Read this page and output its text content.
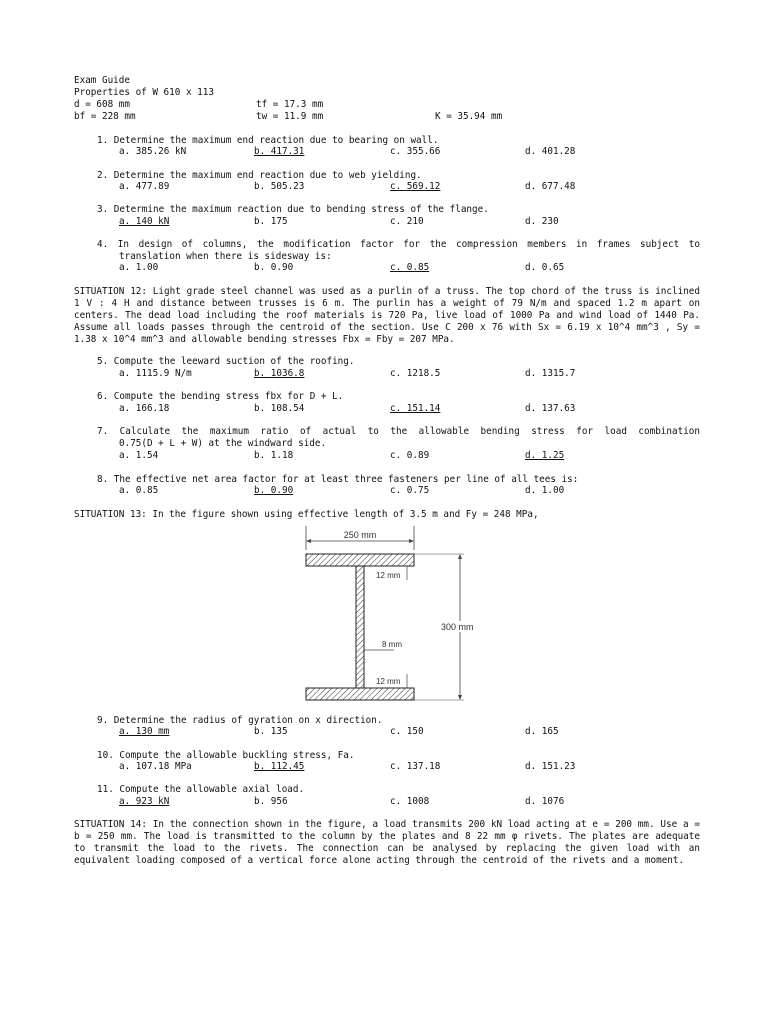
Exam Guide
Properties of W 610 x 113
d = 608 mm	tf = 17.3 mm
bf = 228 mm	tw = 11.9 mm	K = 35.94 mm
1. Determine the maximum end reaction due to bearing on wall.
a. 385.26 kN	b. 417.31	c. 355.66	d. 401.28
2. Determine the maximum end reaction due to web yielding.
a. 477.89	b. 505.23	c. 569.12	d. 677.48
3. Determine the maximum reaction due to bending stress of the flange.
a. 140 kN	b. 175	c. 210	d. 230
4. In design of columns, the modification factor for the compression members in frames subject to
translation when there is sidesway is:
a. 1.00	b. 0.90	c. 0.85	d. 0.65
SITUATION 12: Light grade steel channel was used as a purlin of a truss. The top chord of the truss is inclined 1 V : 4 H and distance between trusses is 6 m. The purlin has a weight of 79 N/m and spaced 1.2 m apart on centers. The dead load including the roof materials is 720 Pa, live load of 1000 Pa and wind load of 1440 Pa. Assume all loads passes through the centroid of the section. Use C 200 x 76 with Sx = 6.19 x 10^4 mm^3 , Sy = 1.38 x 10^4 mm^3 and allowable bending stresses Fbx = Fby = 207 MPa.
5. Compute the leeward suction of the roofing.
a. 1115.9 N/m	b. 1036.8	c. 1218.5	d. 1315.7
6. Compute the bending stress fbx for D + L.
a. 166.18	b. 108.54	c. 151.14	d. 137.63
7. Calculate the maximum ratio of actual to the allowable bending stress for load combination
0.75(D + L + W) at the windward side.
a. 1.54	b. 1.18	c. 0.89	d. 1.25
8. The effective net area factor for at least three fasteners per line of all tees is:
a. 0.85	b. 0.90	c. 0.75	d. 1.00
SITUATION 13: In the figure shown using effective length of 3.5 m and Fy = 248 MPa,
250 mm
12 mm
8 mm
12 mm
300 mm
9. Determine the radius of gyration on x direction.
a. 130 mm	b. 135	c. 150	d. 165
10. Compute the allowable buckling stress, Fa.
a. 107.18 MPa	b. 112.45	c. 137.18	d. 151.23
11. Compute the allowable axial load.
a. 923 kN	b. 956	c. 1008	d. 1076
SITUATION 14: In the connection shown in the figure, a load transmits 200 kN load acting at e = 200 mm. Use a = b = 250 mm. The load is transmitted to the column by the plates and 8 22 mm φ rivets. The plates are adequate to transmit the load to the rivets. The connection can be analysed by replacing the given load with an equivalent loading composed of a vertical force alone acting through the centroid of the rivets and a moment.
